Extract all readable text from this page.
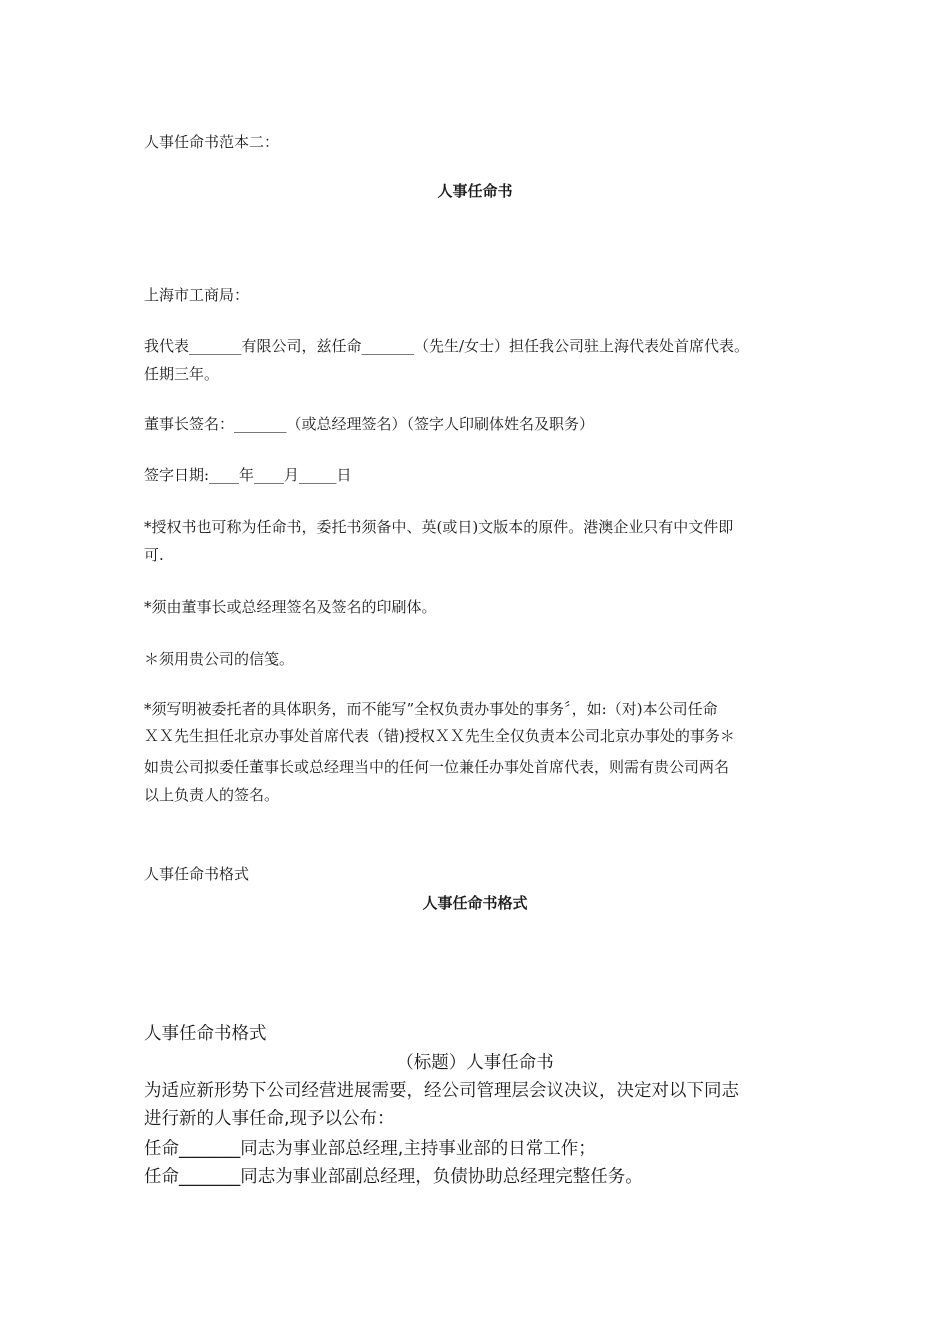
人事任命书范本二：
人事任命书
上海市工商局：
我代表_______有限公司，兹任命_______（先生/女士）担任我公司驻上海代表处首席代表。
任期三年。
董事长签名：_______（或总经理签名）（签字人印刷体姓名及职务）
签字日期:____年____月_____日
*授权书也可称为任命书，委托书须备中、英(或日)文版本的原件。港澳企业只有中文件即
可.
*须由董事长或总经理签名及签名的印刷体。
＊须用贵公司的信笺。
*须写明被委托者的具体职务，而不能写”全权负责办事处的事务〞，如:（对)本公司任命
ＸＸ先生担任北京办事处首席代表（错)授权ＸＸ先生全仅负责本公司北京办事处的事务＊
如贵公司拟委任董事长或总经理当中的任何一位兼任办事处首席代表，则需有贵公司两名
以上负责人的签名。
人事任命书格式
人事任命书格式
人事任命书格式
（标题）人事任命书
为适应新形势下公司经营进展需要，经公司管理层会议决议，决定对以下同志
进行新的人事任命,现予以公布：
任命_______同志为事业部总经理,主持事业部的日常工作；
任命_______同志为事业部副总经理，负债协助总经理完整任务。
